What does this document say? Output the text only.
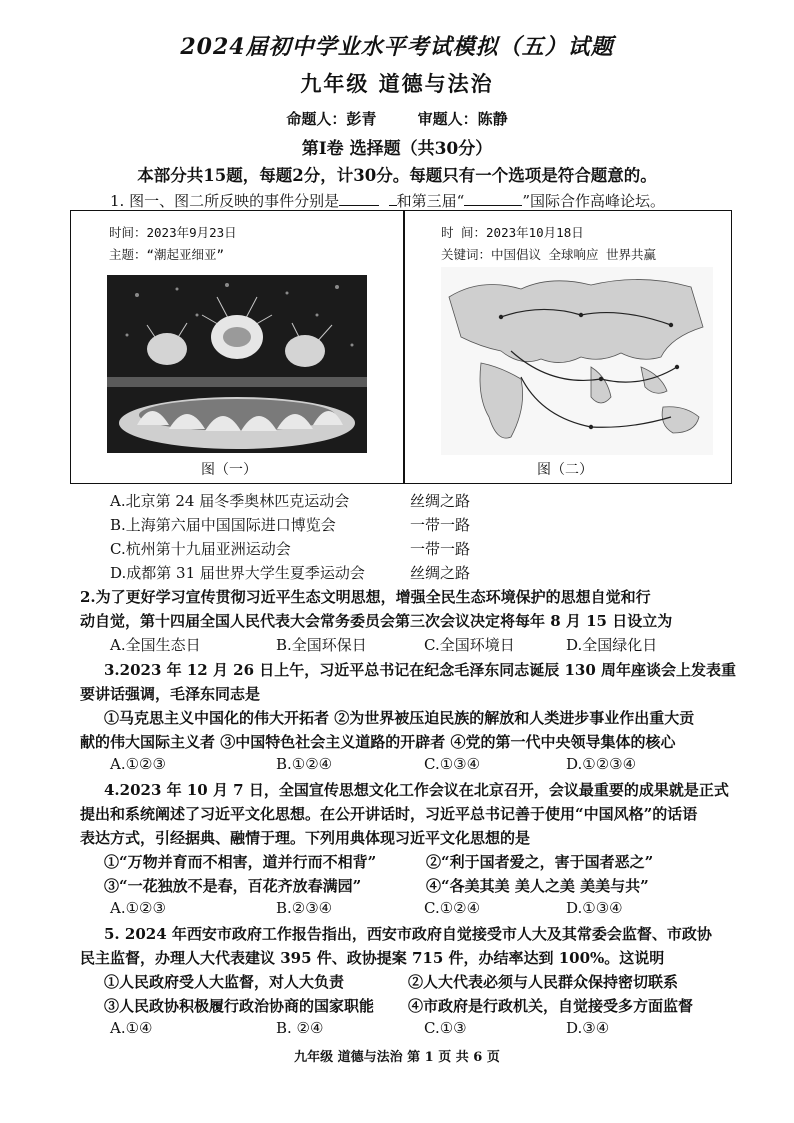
2024届初中学业水平考试模拟（五）试题
九年级 道德与法治
命题人：彭青	审题人：陈静
第Ⅰ卷 选择题（共30分）
本部分共15题，每题2分，计30分。每题只有一个选项是符合题意的。
1. 图一、图二所反映的事件分别是	和第三届“	”国际合作高峰论坛。
时间：2023年9月23日
主题：“潮起亚细亚”
图（一）
时 间：2023年10月18日
关键词：中国倡议 全球响应 世界共赢
图（二）
A.北京第 24 届冬季奥林匹克运动会	丝绸之路
B.上海第六届中国国际进口博览会	一带一路
C.杭州第十九届亚洲运动会	一带一路
D.成都第 31 届世界大学生夏季运动会	丝绸之路
2.为了更好学习宣传贯彻习近平生态文明思想，增强全民生态环境保护的思想自觉和行
动自觉，第十四届全国人民代表大会常务委员会第三次会议决定将每年 8 月 15 日设立为
A.全国生态日	B.全国环保日	C.全国环境日	D.全国绿化日
3.2023 年 12 月 26 日上午，习近平总书记在纪念毛泽东同志诞辰 130 周年座谈会上发表重
要讲话强调，毛泽东同志是
①马克思主义中国化的伟大开拓者 ②为世界被压迫民族的解放和人类进步事业作出重大贡
献的伟大国际主义者 ③中国特色社会主义道路的开辟者 ④党的第一代中央领导集体的核心
A.①②③	B.①②④	C.①③④	D.①②③④
4.2023 年 10 月 7 日，全国宣传思想文化工作会议在北京召开，会议最重要的成果就是正式
提出和系统阐述了习近平文化思想。在公开讲话时，习近平总书记善于使用“中国风格”的话语
表达方式，引经据典、融情于理。下列用典体现习近平文化思想的是
①“万物并育而不相害，道并行而不相背”	②“利于国者爱之，害于国者恶之”
③“一花独放不是春，百花齐放春满园”	④“各美其美 美人之美 美美与共”
A.①②③	B.②③④	C.①②④	D.①③④
5. 2024 年西安市政府工作报告指出，西安市政府自觉接受市人大及其常委会监督、市政协
民主监督，办理人大代表建议 395 件、政协提案 715 件，办结率达到 100%。这说明
①人民政府受人大监督，对人大负责	②人大代表必须与人民群众保持密切联系
③人民政协积极履行政治协商的国家职能 ④市政府是行政机关，自觉接受多方面监督
A.①④	B. ②④	C.①③	D.③④
九年级 道德与法治 第 1 页 共 6 页
